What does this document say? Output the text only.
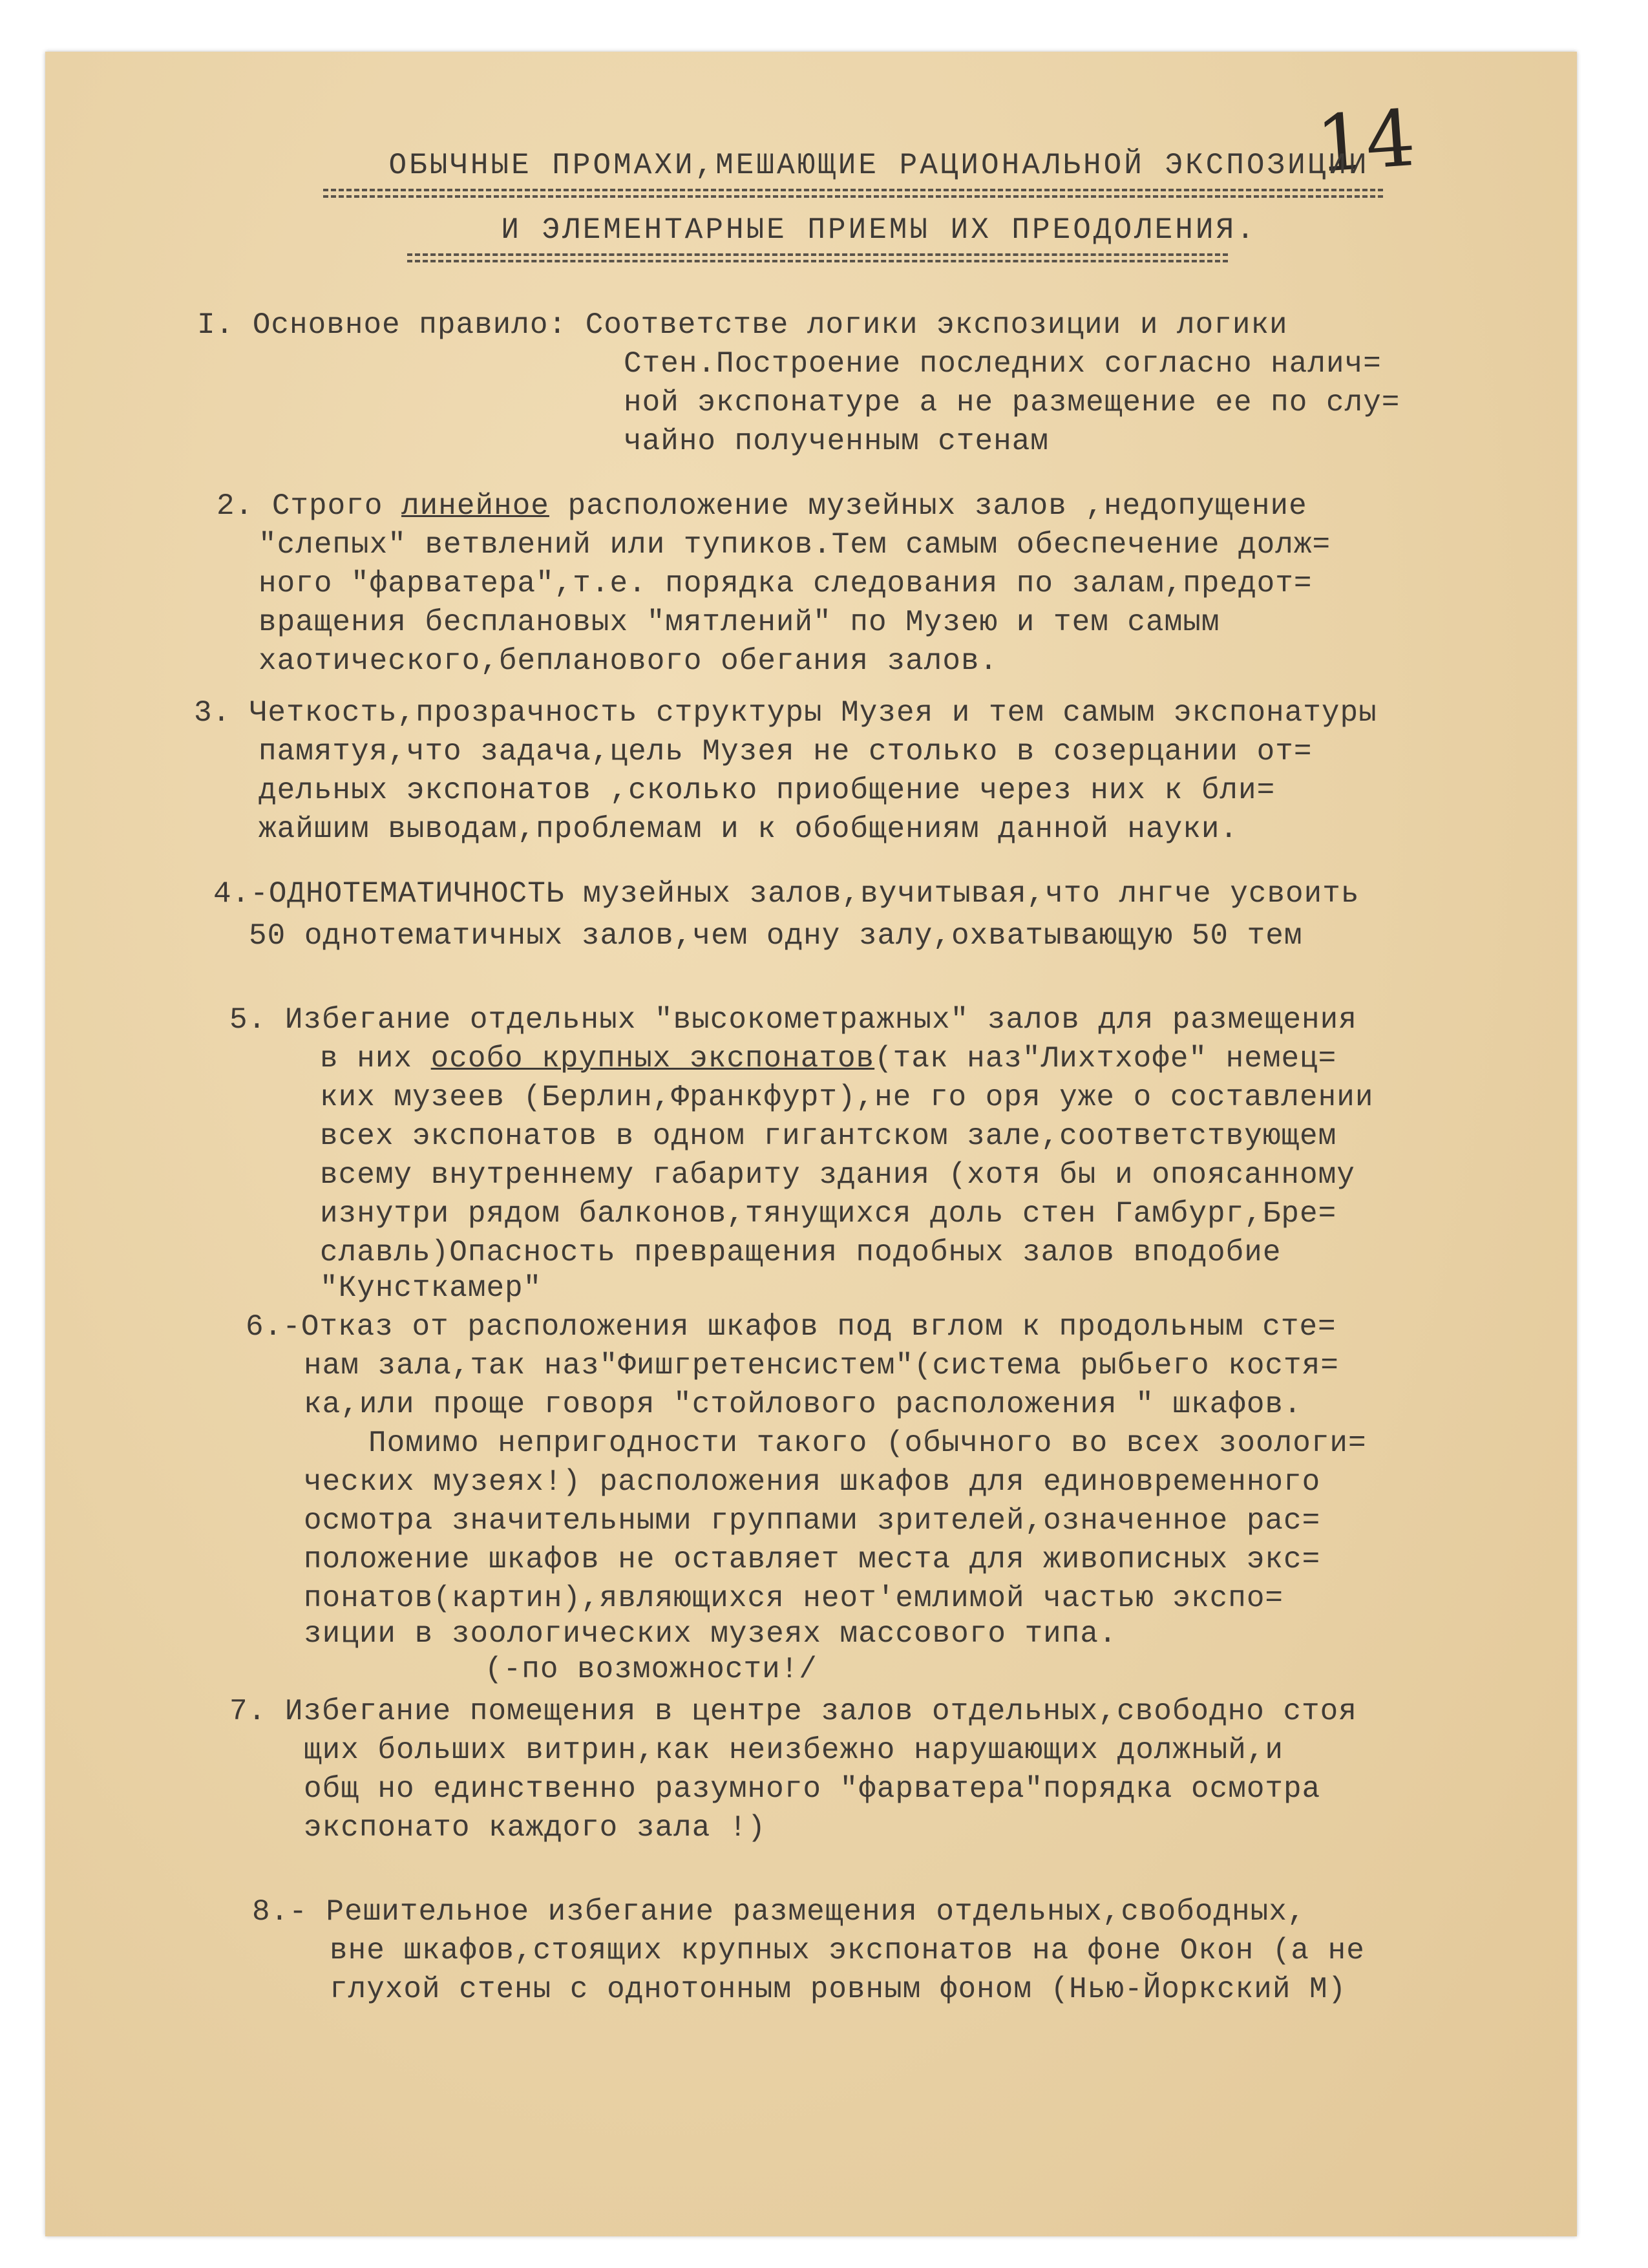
14
ОБЫЧНЫЕ ПРОМАХИ,МЕШАЮЩИЕ РАЦИОНАЛЬНОЙ ЭКСПОЗИЦИИ
И ЭЛЕМЕНТАРНЫЕ ПРИЕМЫ ИХ ПРЕОДОЛЕНИЯ.
I. Основное правило: Соответстве логики экспозиции и логики
Стен.Построение последних согласно налич=
ной экспонатуре а не размещение ее по слу=
чайно полученным стенам
2. Строго линейное расположение музейных залов ,недопущение
"слепых" ветвлений или тупиков.Тем самым обеспечение долж=
ного "фарватера",т.е. порядка следования по залам,предот=
вращения бесплановых "мятлений" по Музею и тем самым
хаотического,бепланового обегания залов.
3. Четкость,прозрачность структуры Музея и тем самым экспонатуры
памятуя,что задача,цель Музея не столько в созерцании от=
дельных экспонатов ,сколько приобщение через них к бли=
жайшим выводам,проблемам и к обобщениям данной науки.
4.-ОДНОТЕМАТИЧНОСТЬ музейных залов,вучитывая,что лнгче усвоить
50 однотематичных залов,чем одну залу,охватывающую 50 тем
5. Избегание отдельных "высокометражных" залов для размещения
в них особо крупных экспонатов(так наз"Лихтхофе" немец=
ких музеев (Берлин,Франкфурт),не го оря уже о составлении
всех экспонатов в одном гигантском зале,соответствующем
всему внутреннему габариту здания (хотя бы и опоясанному
изнутри рядом балконов,тянущихся доль стен Гамбург,Бре=
славль)Опасность превращения подобных залов вподобие
"Кунсткамер"
6.-Отказ от расположения шкафов под вглом к продольным сте=
нам зала,так наз"Фишгретенсистем"(система рыбьего костя=
ка,или проще говоря "стойлового расположения " шкафов.
Помимо непригодности такого (обычного во всех зоологи=
ческих музеях!) расположения шкафов для единовременного
осмотра значительными группами зрителей,означенное рас=
положение шкафов не оставляет места для живописных экс=
понатов(картин),являющихся неот'емлимой частью экспо=
зиции в зоологических музеях массового типа.
(-по возможности!/
7. Избегание помещения в центре залов отдельных,свободно стоя
щих больших витрин,как неизбежно нарушающих должный,и
общ но единственно разумного "фарватера"порядка осмотра
экспонато каждого зала !)
8.- Решительное избегание размещения отдельных,свободных,
вне шкафов,стоящих крупных экспонатов на фоне Окон (а не
глухой стены с однотонным ровным фоном (Нью-Йоркский М)
